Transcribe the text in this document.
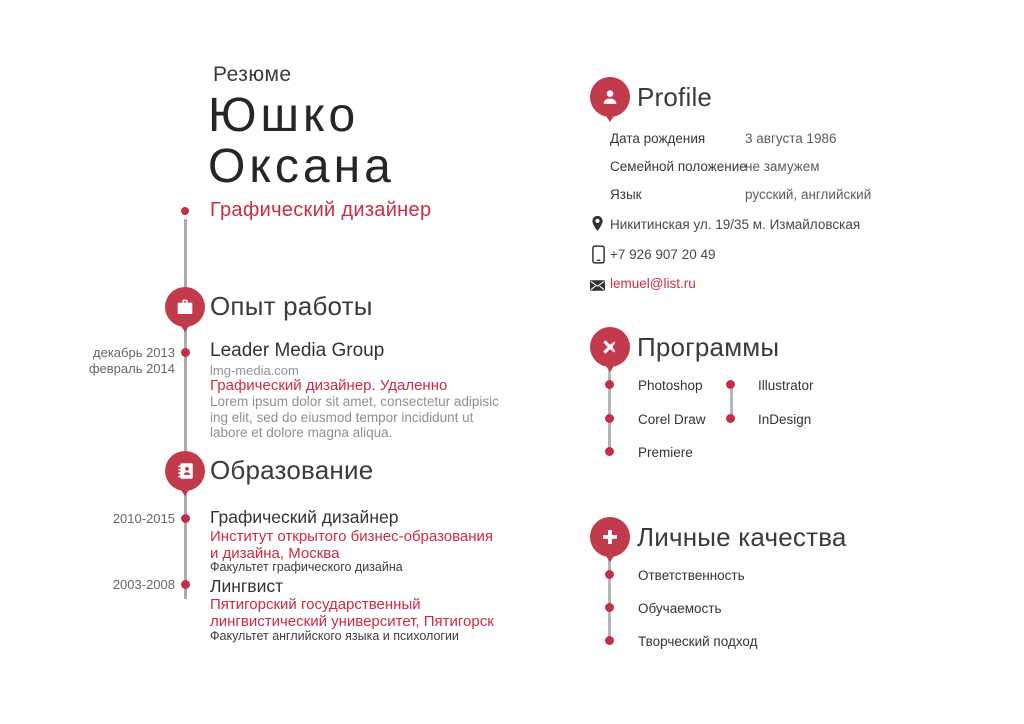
Резюме
Юшко
Оксана
Графический дизайнер
Опыт работы
декабрь 2013
февраль 2014
Leader Media Group
lmg-media.com
Графический дизайнер. Удаленно
Lorem ipsum dolor sit amet, consectetur adipisic
ing elit, sed do eiusmod tempor incididunt ut
labore et dolore magna aliqua.
Образование
2010-2015 Графический дизайнер
Институт открытого бизнес-образования
и дизайна, Москва
Факультет графического дизайна
2003-2008 Лингвист
Пятигорский государственный
лингвистический университет, Пятигорск
Факультет английского языка и психологии
Profile
Дата рождения	3 августа 1986
Семейной положение
не замужем
Язык	русский, английский
Никитинская ул. 19/35 м. Измайловская
+7 926 907 20 49
lemuel@list.ru
Программы
Photoshop
Corel Draw
Premiere
Illustrator
InDesign
Личные качества
Ответственность
Обучаемость
Творческий подход
